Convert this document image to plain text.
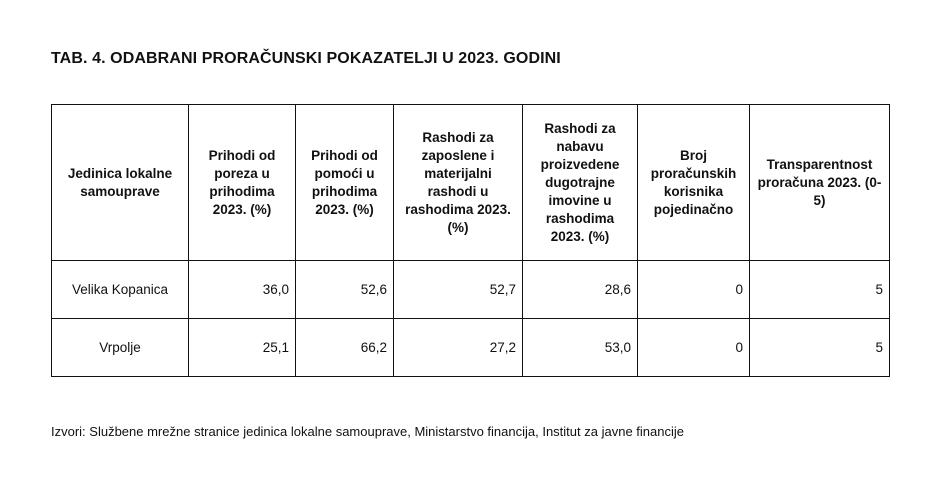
TAB. 4. ODABRANI PRORAČUNSKI POKAZATELJI U 2023. GODINI
Jedinica lokalne samouprave	Prihodi od poreza u prihodima 2023. (%)	Prihodi od pomoći u prihodima 2023. (%)	Rashodi za zaposlene i materijalni rashodi u rashodima 2023. (%)	Rashodi za nabavu proizvedene dugotrajne imovine u rashodima 2023. (%)	Broj proračunskih korisnika pojedinačno	Transparentnost proračuna 2023. (0-5)
Velika Kopanica	36,0	52,6	52,7	28,6	0	5
Vrpolje	25,1	66,2	27,2	53,0	0	5
Izvori: Službene mrežne stranice jedinica lokalne samouprave, Ministarstvo financija, Institut za javne financije
